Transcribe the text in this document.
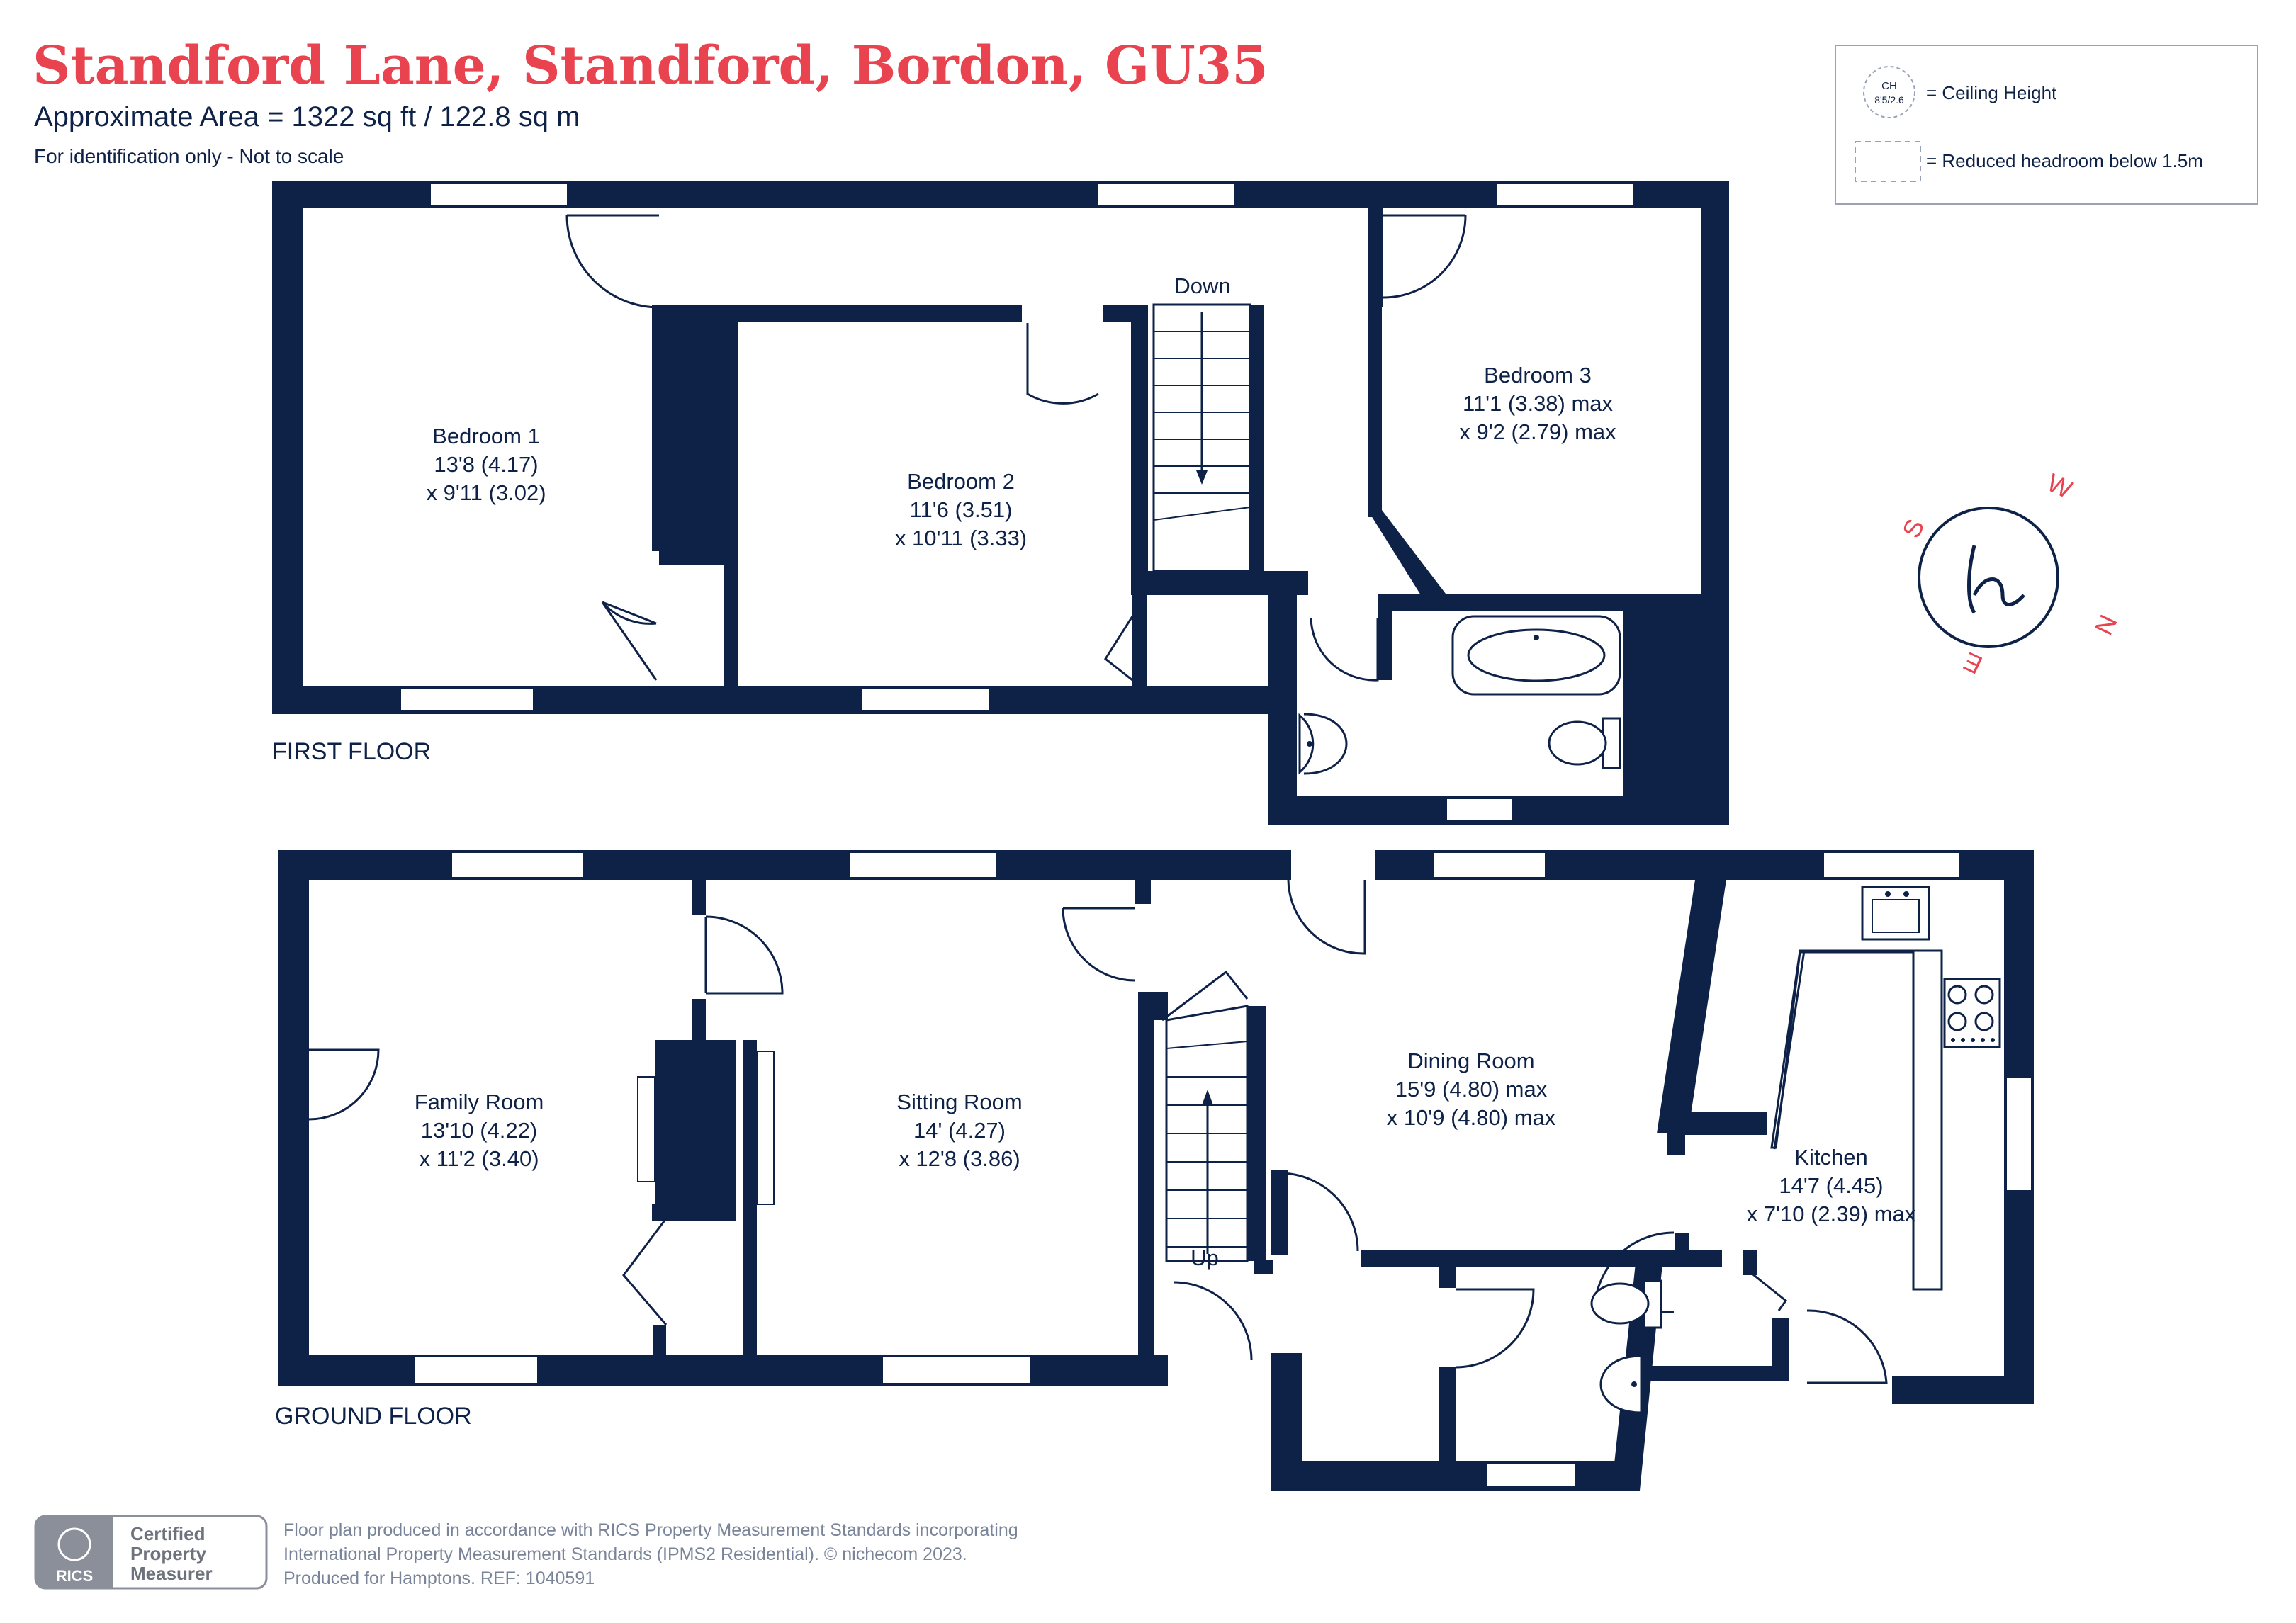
Standford Lane, Standford, Bordon, GU35
Approximate Area = 1322 sq ft / 122.8 sq m
For identification only - Not to scale
CH
8'5/2.6 = Ceiling Height
= Reduced headroom below 1.5m
W
N
E
S
Down
Bedroom 1
13'8 (4.17)
x 9'11 (3.02)	Bedroom 2
11'6 (3.51)
x 10'11 (3.33)
Bedroom 3
11'1 (3.38) max
x 9'2 (2.79) max
FIRST FLOOR
Up
Family Room
13'10 (4.22)
x 11'2 (3.40)
Sitting Room
14' (4.27)
x 12'8 (3.86)
Dining Room
15'9 (4.80) max
x 10'9 (4.80) max
Kitchen
14'7 (4.45)
x 7'10 (2.39) max
GROUND FLOOR
RICS
Certified
Property
Measurer
Floor plan produced in accordance with RICS Property Measurement Standards incorporating
International Property Measurement Standards (IPMS2 Residential). © nichecom 2023.
Produced for Hamptons. REF: 1040591
